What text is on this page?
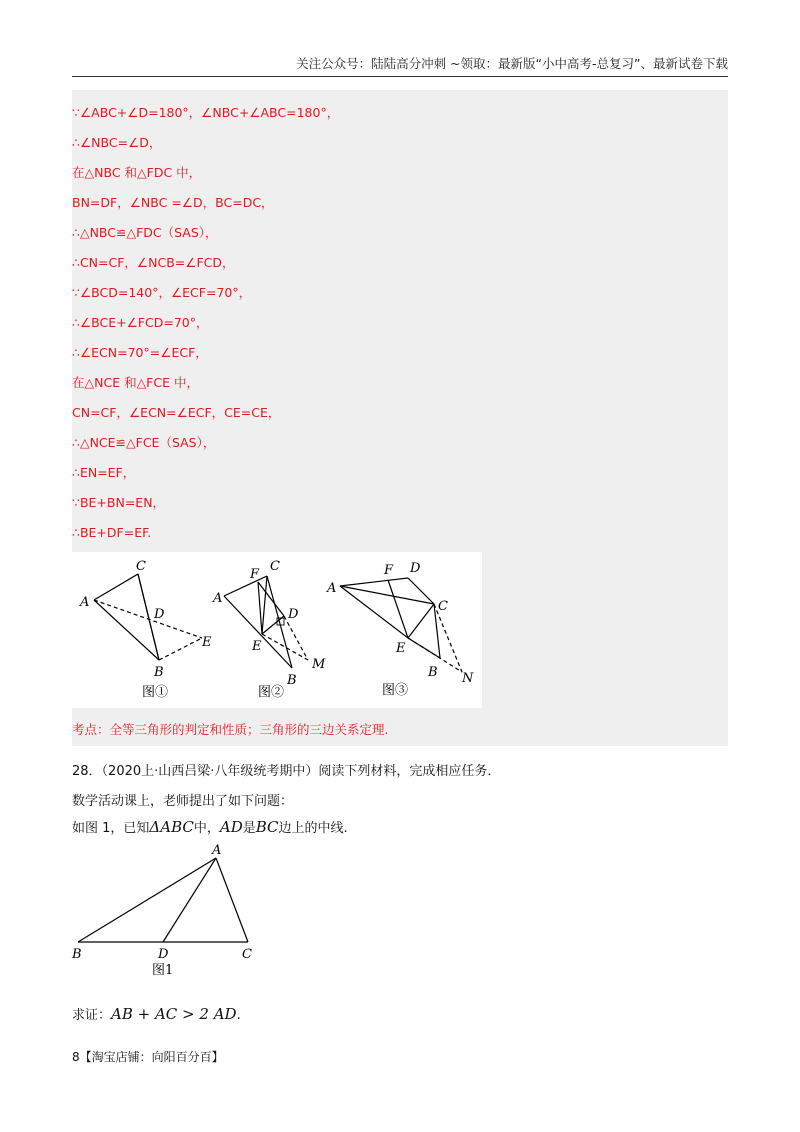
关注公众号：陆陆高分冲刺 ~领取：最新版“小中高考-总复习”、最新试卷下载
∵∠ABC+∠D=180°，∠NBC+∠ABC=180°，
∴∠NBC=∠D，
在△NBC 和△FDC 中，
BN=DF，∠NBC =∠D，BC=DC，
∴△NBC≌△FDC（SAS），
∴CN=CF，∠NCB=∠FCD，
∵∠BCD=140°，∠ECF=70°，
∴∠BCE+∠FCD=70°，
∴∠ECN=70°=∠ECF，
在△NCE 和△FCE 中，
CN=CF，∠ECN=∠ECF，CE=CE，
∴△NCE≌△FCE（SAS），
∴EN=EF，
∵BE+BN=EN，
∴BE+DF=EF.
A
C
D
E
B
图①
A
F
C
D
E
M
B
图②
A
F D
C
E
B N
图③
考点：全等三角形的判定和性质；三角形的三边关系定理.
28．（2020上·山西吕梁·八年级统考期中）阅读下列材料，完成相应任务．
数学活动课上，老师提出了如下问题：
如图 1，已知ΔABC中，AD是BC边上的中线.
A
B	D	C
图1
求证：AB + AC > 2 AD.
8【淘宝店铺：向阳百分百】
